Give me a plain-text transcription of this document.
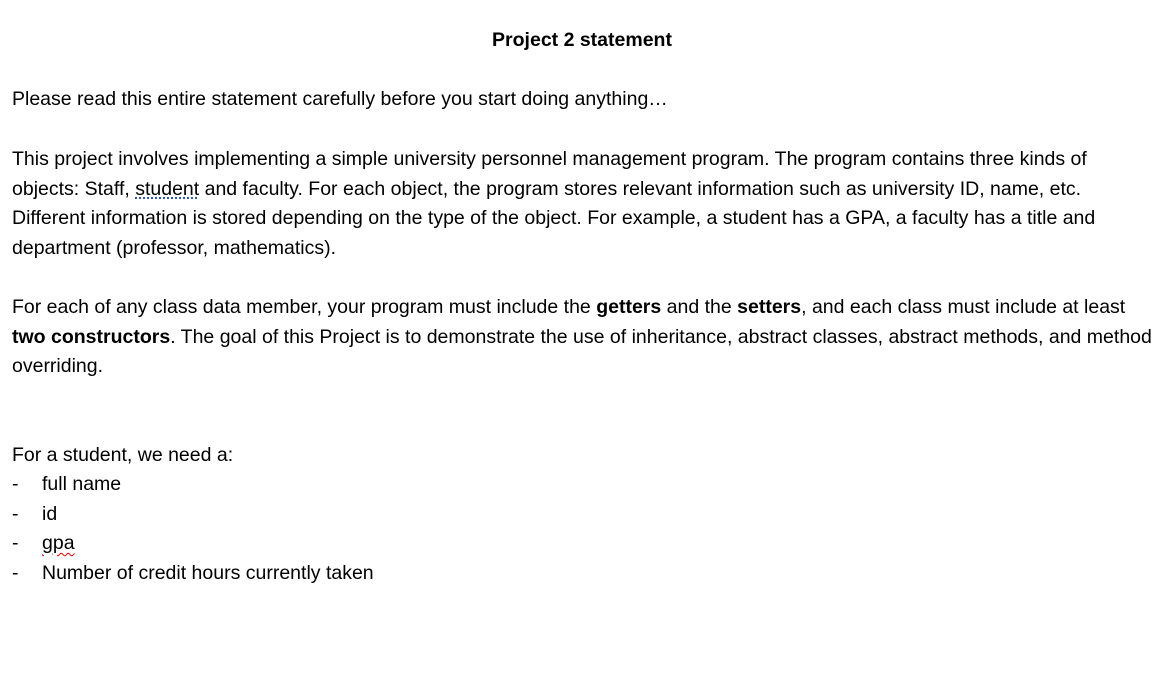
Project 2 statement

Please read this entire statement carefully before you start doing anything…

This project involves implementing a simple university personnel management program. The program contains three kinds of objects: Staff, student and faculty. For each object, the program stores relevant information such as university ID, name, etc. Different information is stored depending on the type of the object. For example, a student has a GPA, a faculty has a title and department (professor, mathematics).

For each of any class data member, your program must include the getters and the setters, and each class must include at least two constructors. The goal of this Project is to demonstrate the use of inheritance, abstract classes, abstract methods, and method overriding.

For a student, we need a:

- full name
- id
- gpa
- Number of credit hours currently taken
